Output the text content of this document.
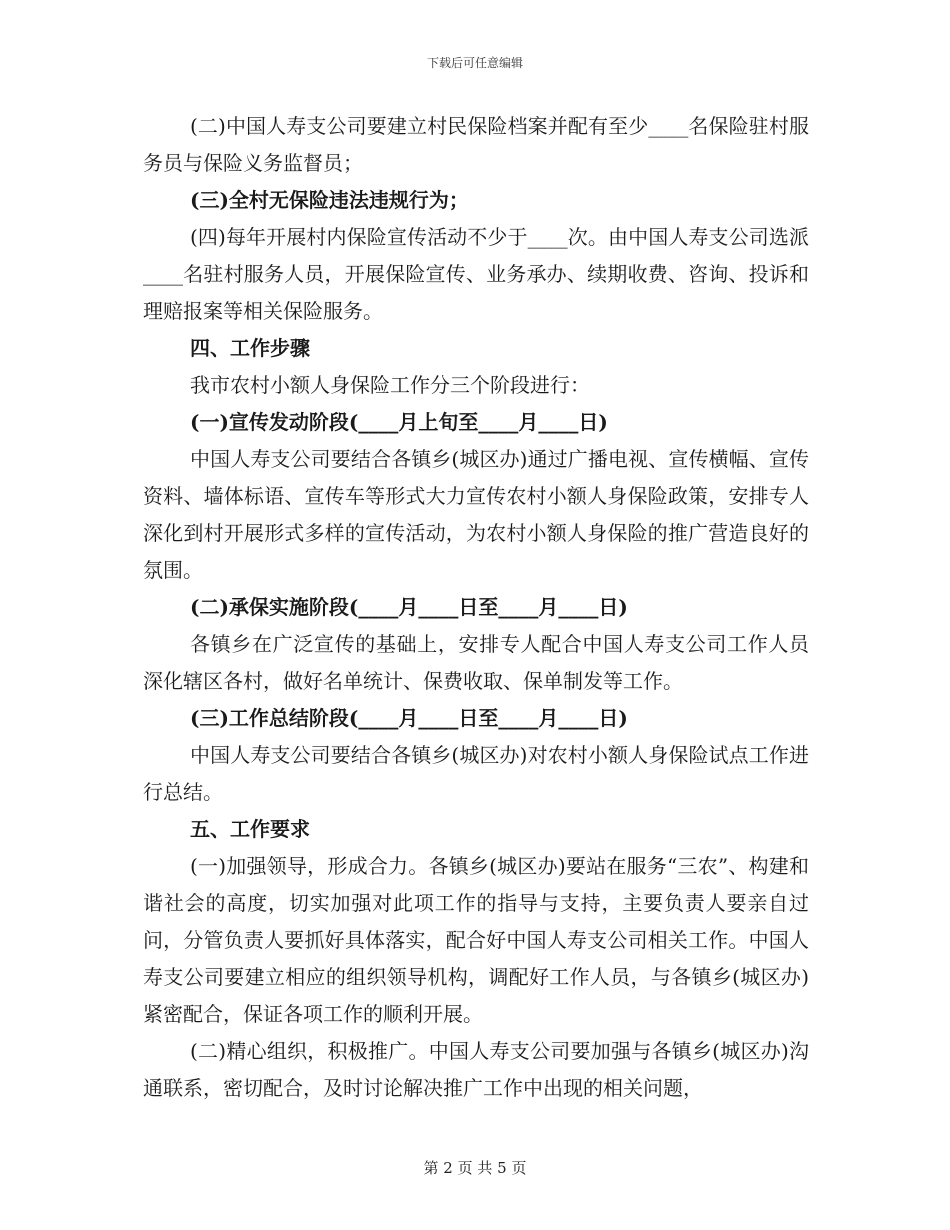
下载后可任意编辑

(二)中国人寿支公司要建立村民保险档案并配有至少____名保险驻村服务员与保险义务监督员；

(三)全村无保险违法违规行为；

(四)每年开展村内保险宣传活动不少于____次。由中国人寿支公司选派____名驻村服务人员，开展保险宣传、业务承办、续期收费、咨询、投诉和理赔报案等相关保险服务。

四、工作步骤

我市农村小额人身保险工作分三个阶段进行：

(一)宣传发动阶段(____月上旬至____月____日)

中国人寿支公司要结合各镇乡(城区办)通过广播电视、宣传横幅、宣传资料、墙体标语、宣传车等形式大力宣传农村小额人身保险政策，安排专人深化到村开展形式多样的宣传活动，为农村小额人身保险的推广营造良好的氛围。

(二)承保实施阶段(____月____日至____月____日)

各镇乡在广泛宣传的基础上，安排专人配合中国人寿支公司工作人员深化辖区各村，做好名单统计、保费收取、保单制发等工作。

(三)工作总结阶段(____月____日至____月____日)

中国人寿支公司要结合各镇乡(城区办)对农村小额人身保险试点工作进行总结。

五、工作要求

(一)加强领导，形成合力。各镇乡(城区办)要站在服务“三农”、构建和谐社会的高度，切实加强对此项工作的指导与支持，主要负责人要亲自过问，分管负责人要抓好具体落实，配合好中国人寿支公司相关工作。中国人寿支公司要建立相应的组织领导机构，调配好工作人员，与各镇乡(城区办)紧密配合，保证各项工作的顺利开展。

(二)精心组织，积极推广。中国人寿支公司要加强与各镇乡(城区办)沟通联系，密切配合，及时讨论解决推广工作中出现的相关问题，

第 2 页 共 5 页
